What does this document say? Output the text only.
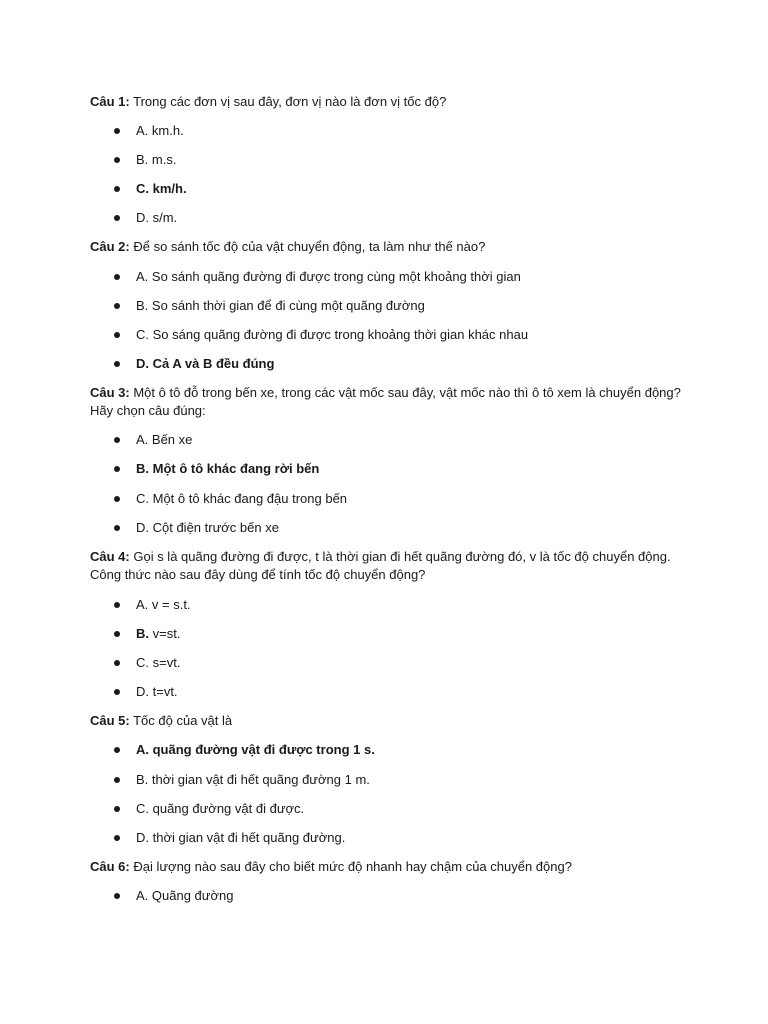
Câu 1: Trong các đơn vị sau đây, đơn vị nào là đơn vị tốc độ?
A. km.h.
B. m.s.
C. km/h.
D. s/m.
Câu 2: Để so sánh tốc độ của vật chuyển động, ta làm như thế nào?
A. So sánh quãng đường đi được trong cùng một khoảng thời gian
B. So sánh thời gian để đi cùng một quãng đường
C. So sáng quãng đường đi được trong khoảng thời gian khác nhau
D. Cả A và B đều đúng
Câu 3: Một ô tô đỗ trong bến xe, trong các vật mốc sau đây, vật mốc nào thì ô tô xem là chuyển động? Hãy chọn câu đúng:
A. Bến xe
B. Một ô tô khác đang rời bến
C. Một ô tô khác đang đậu trong bến
D. Cột điện trước bến xe
Câu 4: Gọi s là quãng đường đi được, t là thời gian đi hết quãng đường đó, v là tốc độ chuyển động. Công thức nào sau đây dùng để tính tốc độ chuyển động?
A. v = s.t.
B. v=st.
C. s=vt.
D. t=vt.
Câu 5: Tốc độ của vật là
A. quãng đường vật đi được trong 1 s.
B. thời gian vật đi hết quãng đường 1 m.
C. quãng đường vật đi được.
D. thời gian vật đi hết quãng đường.
Câu 6: Đại lượng nào sau đây cho biết mức độ nhanh hay chậm của chuyển động?
A. Quãng đường
